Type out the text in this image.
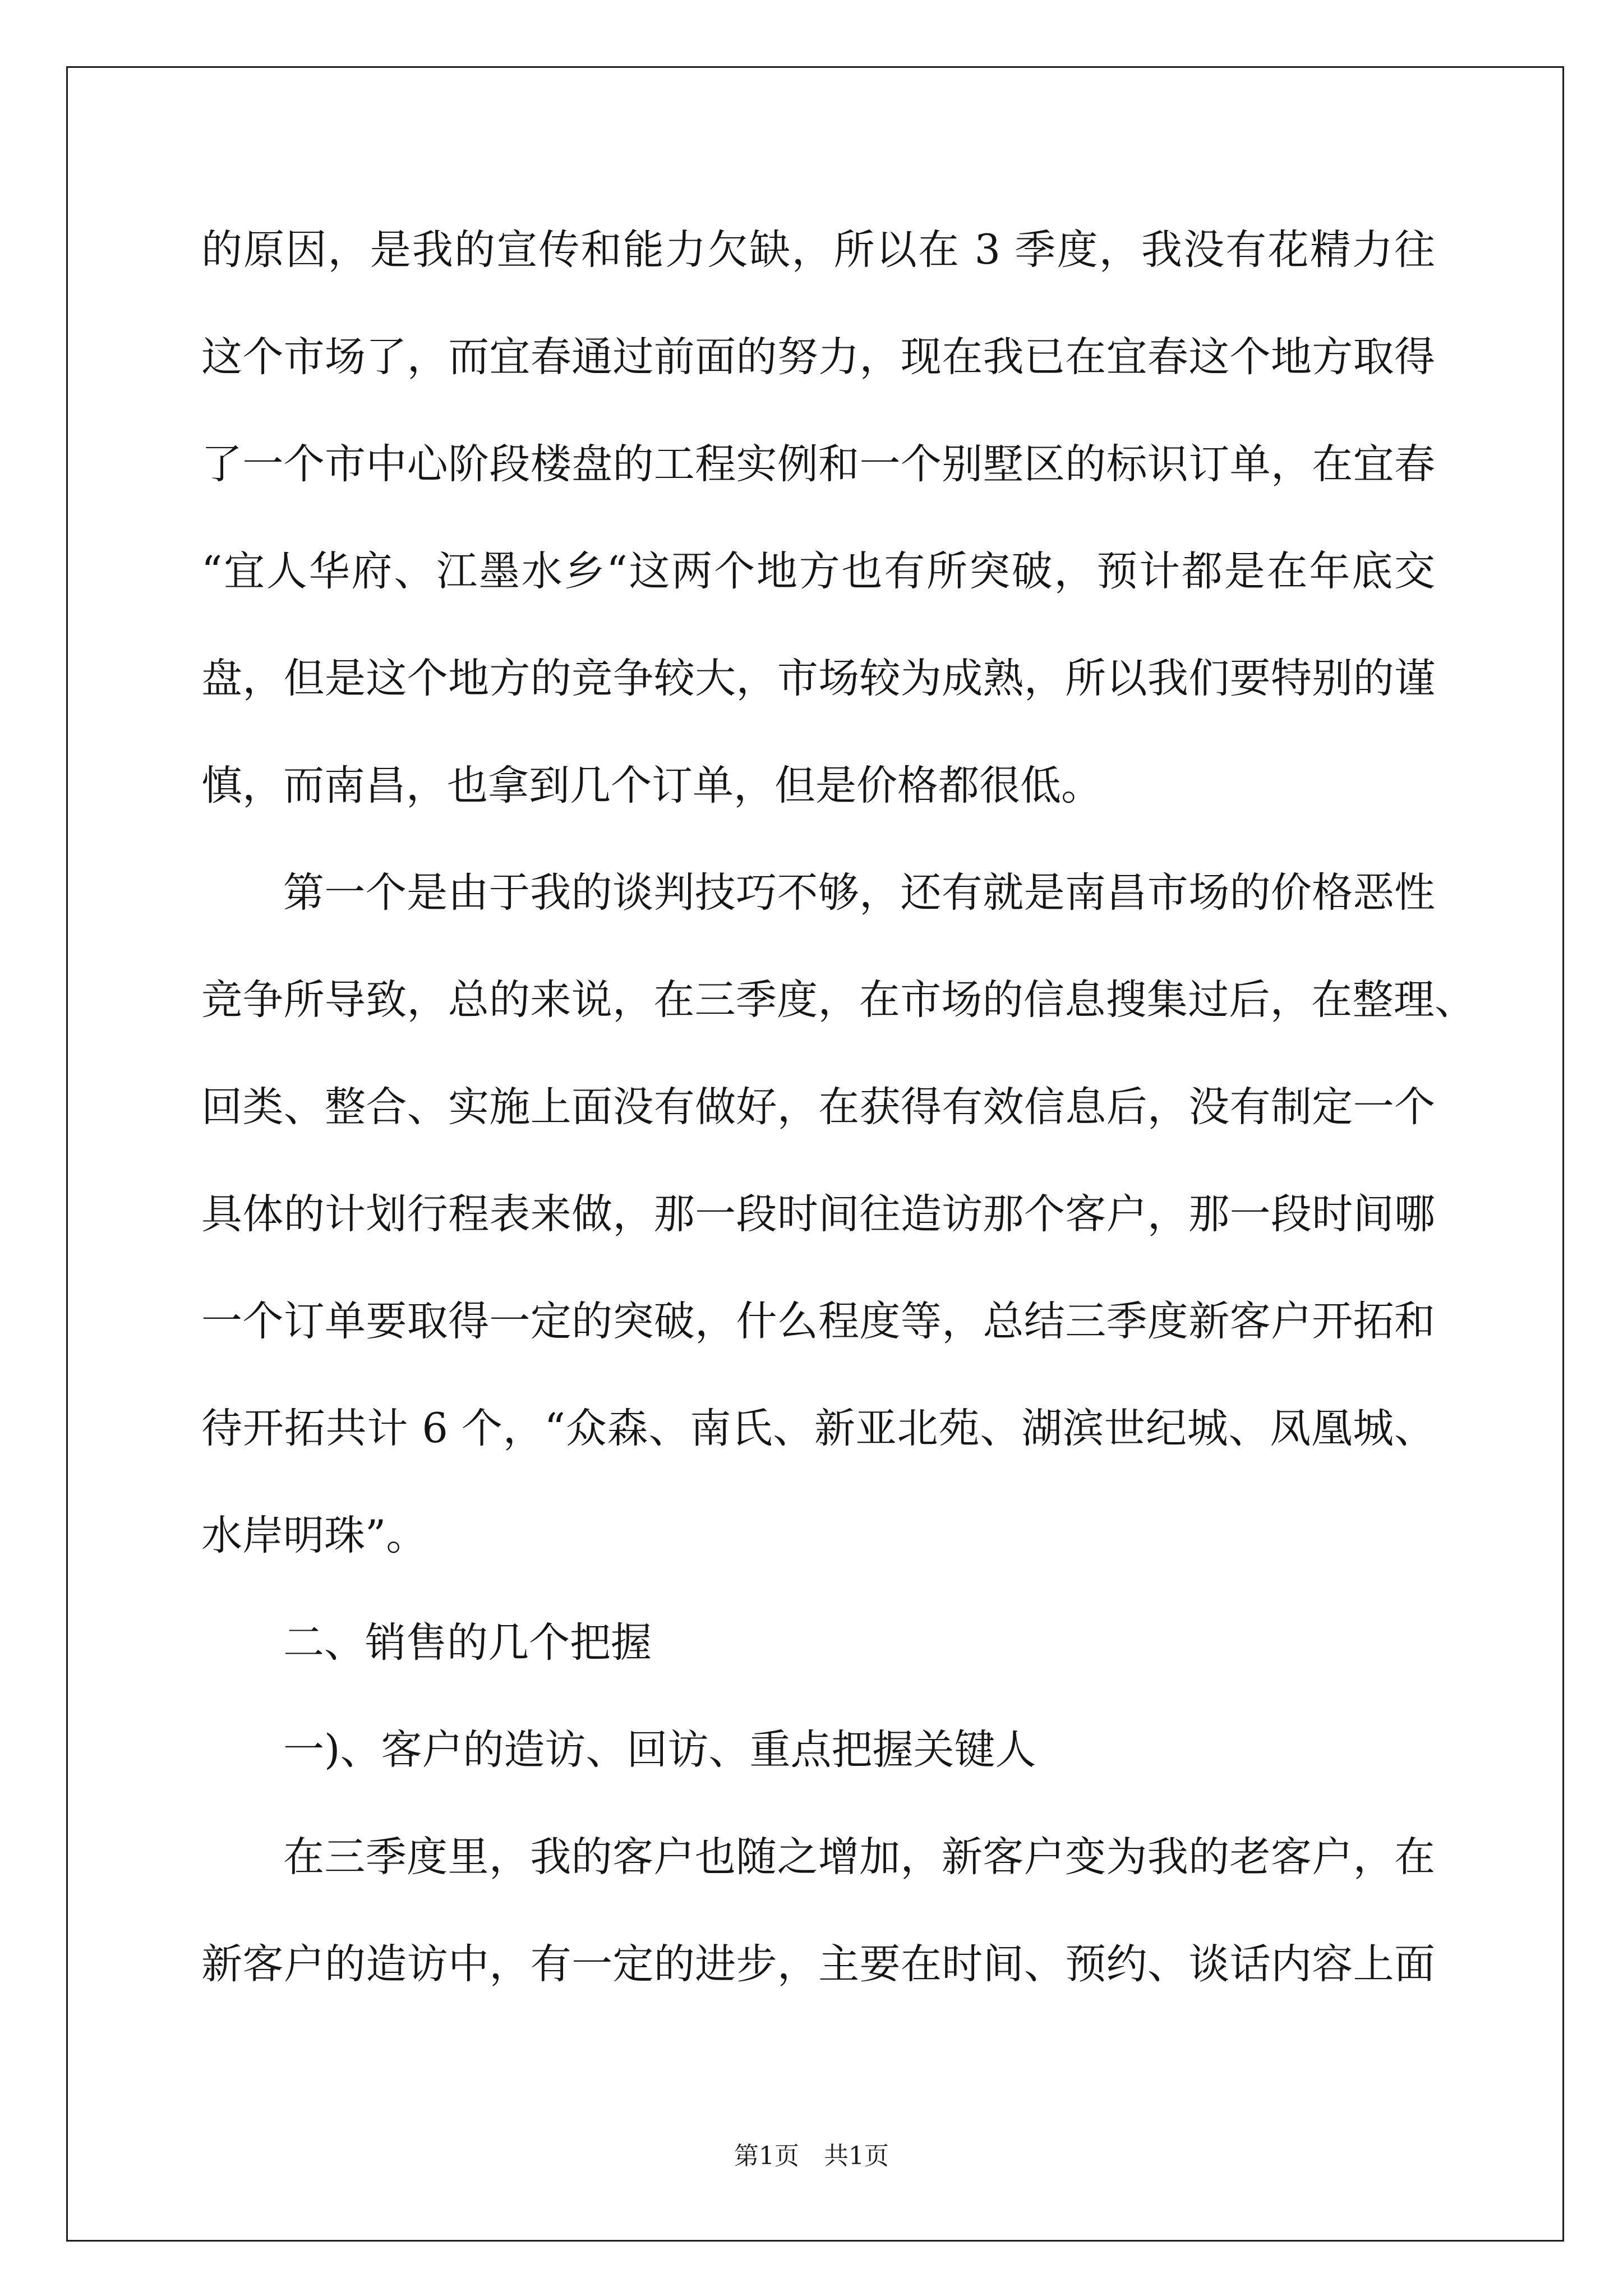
的原因，是我的宣传和能力欠缺，所以在 3 季度，我没有花精力往
这个市场了，而宜春通过前面的努力，现在我已在宜春这个地方取得
了一个市中心阶段楼盘的工程实例和一个别墅区的标识订单，在宜春
“宜人华府、江墨水乡“这两个地方也有所突破，预计都是在年底交
盘，但是这个地方的竞争较大，市场较为成熟，所以我们要特别的谨
慎，而南昌，也拿到几个订单，但是价格都很低。
第一个是由于我的谈判技巧不够，还有就是南昌市场的价格恶性
竞争所导致，总的来说，在三季度，在市场的信息搜集过后，在整理、
回类、整合、实施上面没有做好，在获得有效信息后，没有制定一个
具体的计划行程表来做，那一段时间往造访那个客户，那一段时间哪
一个订单要取得一定的突破，什么程度等，总结三季度新客户开拓和
待开拓共计 6 个，“众森、南氏、新亚北苑、湖滨世纪城、凤凰城、
水岸明珠”。
二、销售的几个把握
一)、客户的造访、回访、重点把握关键人
在三季度里，我的客户也随之增加，新客户变为我的老客户，在
新客户的造访中，有一定的进步，主要在时间、预约、谈话内容上面
第1页 共1页
